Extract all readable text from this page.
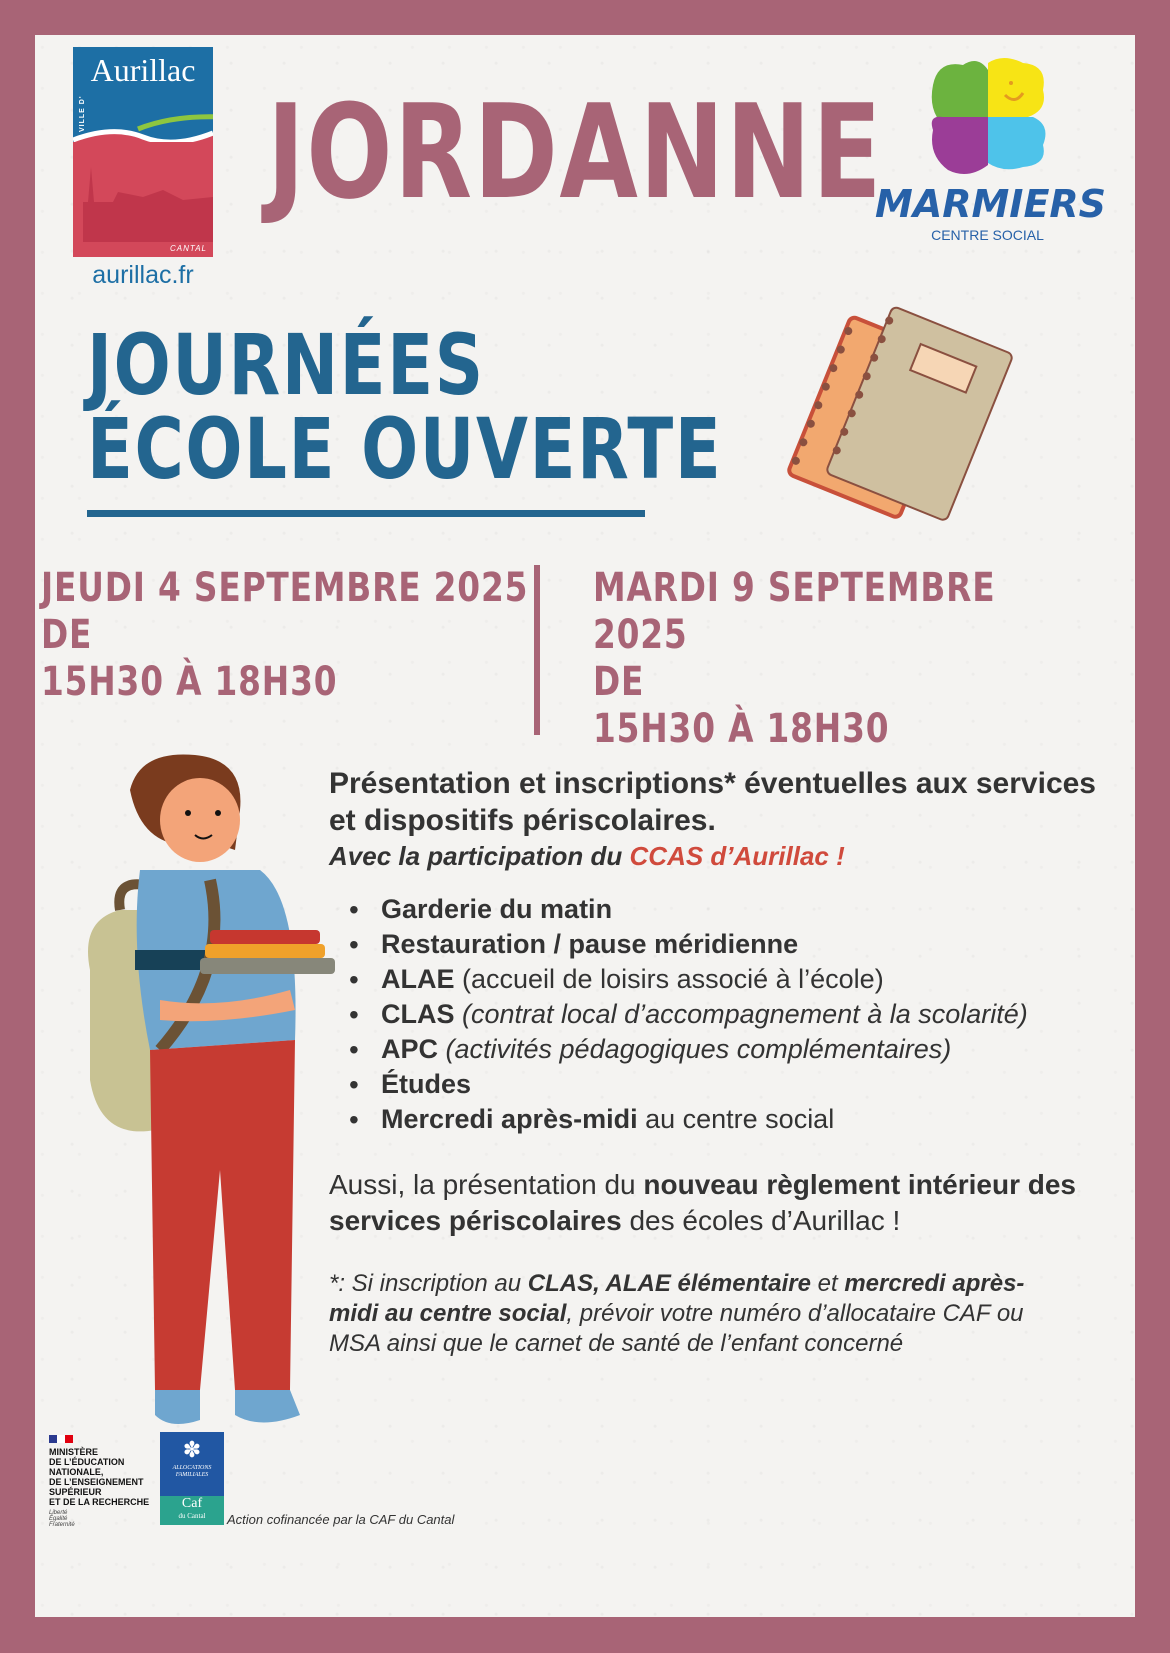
Aurillac
VILLE D'
CANTAL
aurillac.fr
JORDANNE
MARMIERS
CENTRE SOCIAL
JOURNÉES
ÉCOLE OUVERTE
JEUDI 4 SEPTEMBRE 2025
DE
15H30 À 18H30
MARDI 9 SEPTEMBRE 2025
DE
15H30 À 18H30
Présentation et inscriptions* éventuelles aux services et dispositifs périscolaires.
Avec la participation du CCAS d’Aurillac !
• Garderie du matin
• Restauration / pause méridienne
• ALAE (accueil de loisirs associé à l’école)
• CLAS (contrat local d’accompagnement à la scolarité)
• APC (activités pédagogiques complémentaires)
• Études
• Mercredi après-midi au centre social
Aussi, la présentation du nouveau règlement intérieur des services périscolaires des écoles d’Aurillac !
*: Si inscription au CLAS, ALAE élémentaire et mercredi après-midi au centre social, prévoir votre numéro d’allocataire CAF ou MSA ainsi que le carnet de santé de l’enfant concerné
MINISTÈRE
DE L’ÉDUCATION
NATIONALE,
DE L’ENSEIGNEMENT
SUPÉRIEUR
ET DE LA RECHERCHE
Liberté
Égalité
Fraternité
✽
ALLOCATIONS
FAMILIALES
Caf
du Cantal	Action cofinancée par la CAF du Cantal
